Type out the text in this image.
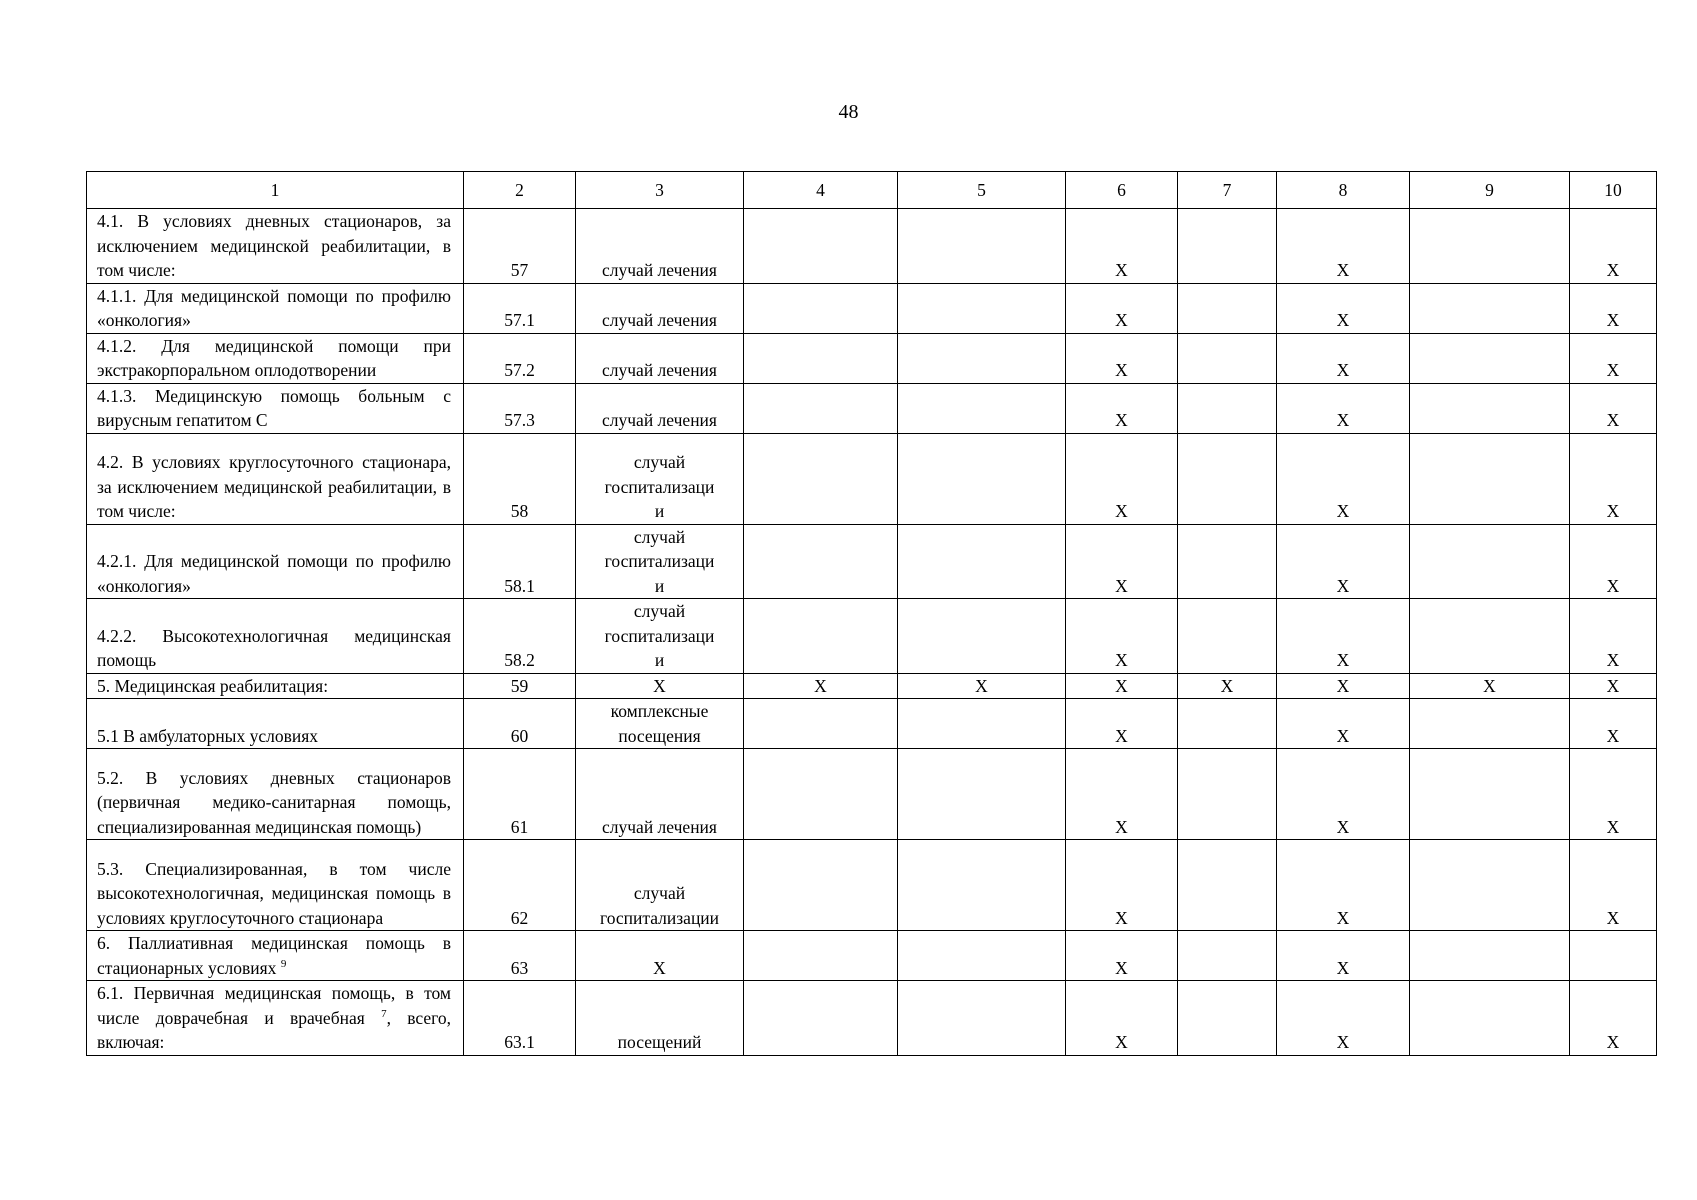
48
1	2	3	4	5	6	7	8	9	10
4.1. В условиях дневных стационаров, за исключением медицинской реабилитации, в том числе:	57	случай лечения			X		X		X
4.1.1. Для медицинской помощи по профилю «онкология»	57.1	случай лечения			X		X		X
4.1.2. Для медицинской помощи при экстракорпоральном оплодотворении	57.2	случай лечения			X		X		X
4.1.3. Медицинскую помощь больным с вирусным гепатитом С	57.3	случай лечения			X		X		X
4.2. В условиях круглосуточного стационара, за исключением медицинской реабилитации, в том числе:	58	случай
госпитализаци
и			X		X		X
4.2.1. Для медицинской помощи по профилю «онкология»	58.1	случай
госпитализаци
и			X		X		X
4.2.2. Высокотехнологичная медицинская помощь	58.2	случай
госпитализаци
и			X		X		X
5. Медицинская реабилитация:	59	X	X	X	X	X	X	X	X
5.1 В амбулаторных условиях	60	комплексные
посещения			X		X		X
5.2. В условиях дневных стационаров (первичная медико-санитарная помощь, специализированная медицинская помощь)	61	случай лечения			X		X		X
5.3. Специализированная, в том числе высокотехнологичная, медицинская помощь в условиях круглосуточного стационара	62	случай
госпитализации			X		X		X
6. Паллиативная медицинская помощь в стационарных условиях $^9$	63	X			X		X		
6.1. Первичная медицинская помощь, в том числе доврачебная и врачебная $^7$, всего, включая:	63.1	посещений			X		X		X
